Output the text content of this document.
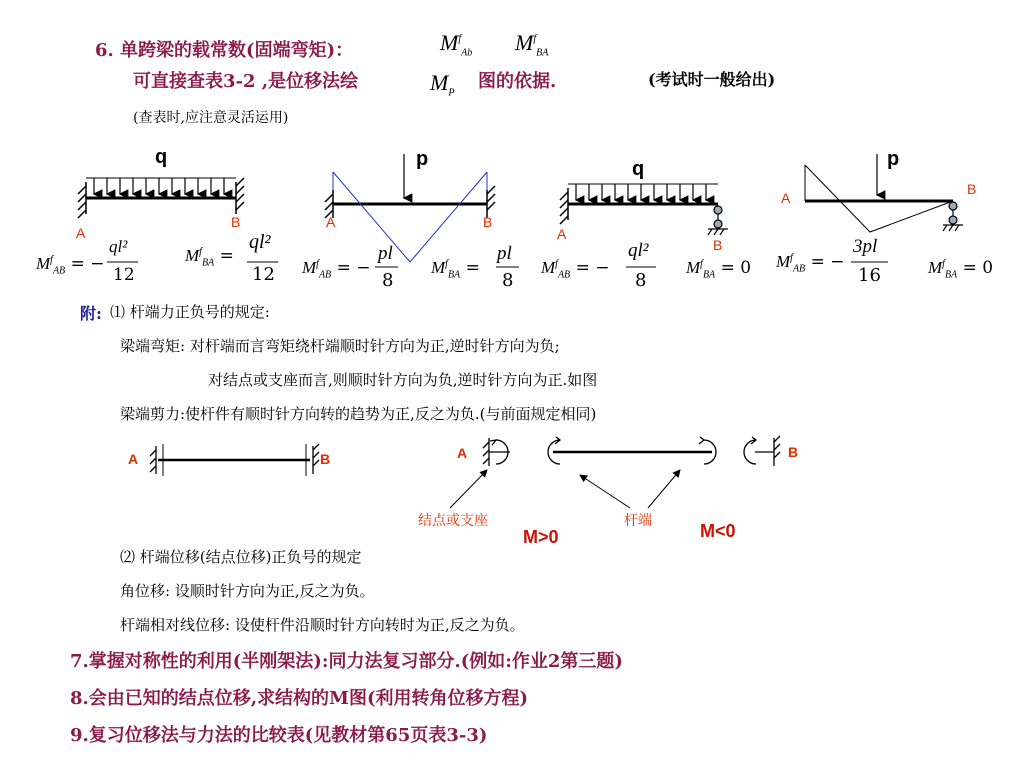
6. 单跨梁的载常数(固端弯矩)：	$M^f_{Ab}$ $M^f_{BA}$
可直接查表3-2 ,是位移法绘	$M_P$
图的依据.	(考试时一般给出)
(查表时,应注意灵活运用)
q
A
B
p
A	B
q
A
B
p
A
B
$M^f_{AB}$ = −
ql²
12
$M^f_{BA}$ =
ql²
12 $M^f_{AB}$ = −
pl
8
$M^f_{BA}$ =
pl
8
$M^f_{AB}$ = −
ql²
8
$M^f_{BA} = 0$ $M^f_{AB}$ = −
3pl
16	$M^f_{BA} = 0$
附: ⑴ 杆端力正负号的规定:
梁端弯矩: 对杆端而言弯矩绕杆端顺时针方向为正,逆时针方向为负;
对结点或支座而言,则顺时针方向为负,逆时针方向为正.如图
梁端剪力:使杆件有顺时针方向转的趋势为正,反之为负.(与前面规定相同)
A	B	A	B
结点或支座	杆端
M>0	M<0
⑵ 杆端位移(结点位移)正负号的规定
角位移: 设顺时针方向为正,反之为负。
杆端相对线位移: 设使杆件沿顺时针方向转时为正,反之为负。
7.掌握对称性的利用(半刚架法):同力法复习部分.(例如:作业2第三题)
8.会由已知的结点位移,求结构的M图(利用转角位移方程)
9.复习位移法与力法的比较表(见教材第65页表3-3)
